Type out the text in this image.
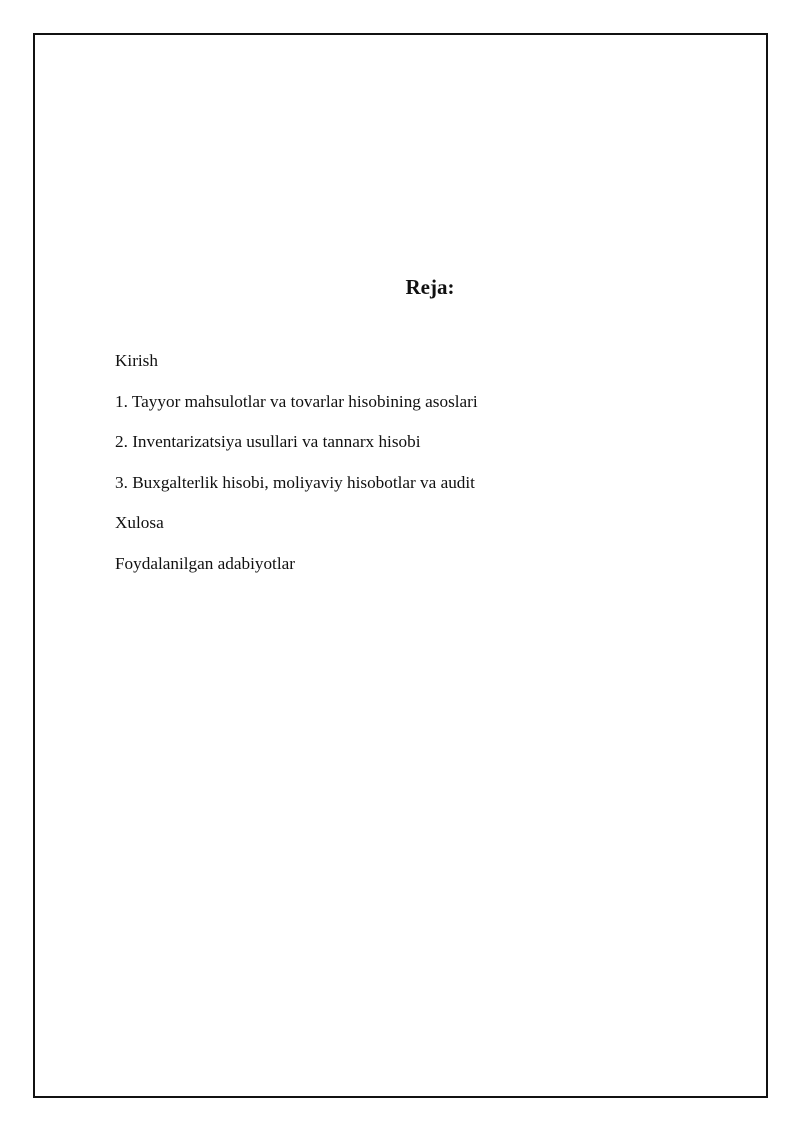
Reja:
Kirish
1. Tayyor mahsulotlar va tovarlar hisobining asoslari
2. Inventarizatsiya usullari va tannarx hisobi
3. Buxgalterlik hisobi, moliyaviy hisobotlar va audit
Xulosa
Foydalanilgan adabiyotlar
